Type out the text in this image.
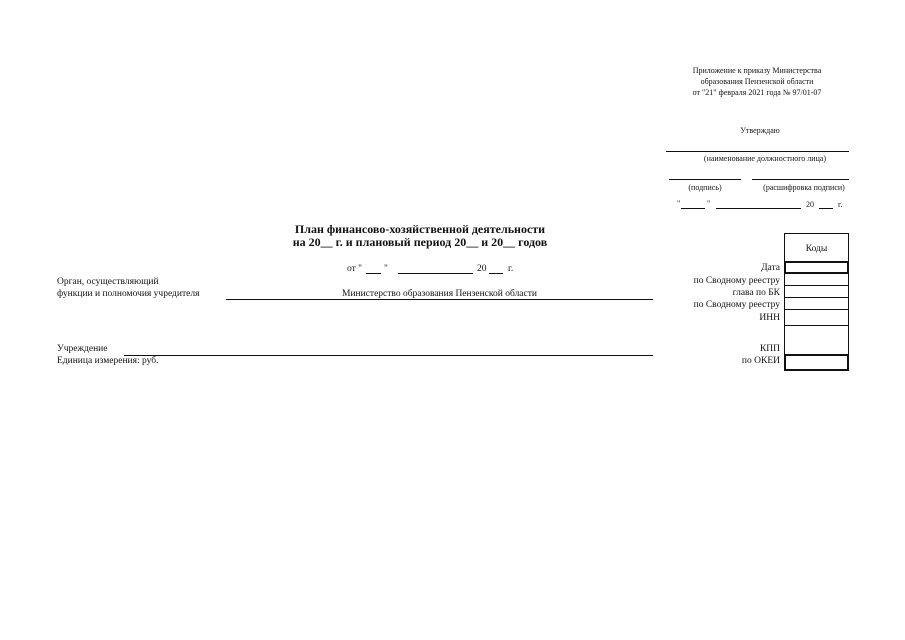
Приложение к приказу Министерства
образования Пензенской области
от "21" февраля 2021 года № 97/01-07
Утверждаю
(наименование должностного лица)
(подпись)	(расшифровка подписи)
"	"	20	г.
План финансово-хозяйственной деятельности
на 20__ г. и плановый период 20__ и 20__ годов
от " "	20 г.
Орган, осуществляющий
функции и полномочия учредителя	Министерство образования Пензенской области
Учреждение
Единица измерения: руб.
Дата
по Сводному реестру
глава по БК
по Сводному реестру
ИНН
КПП
по ОКЕИ
Коды
